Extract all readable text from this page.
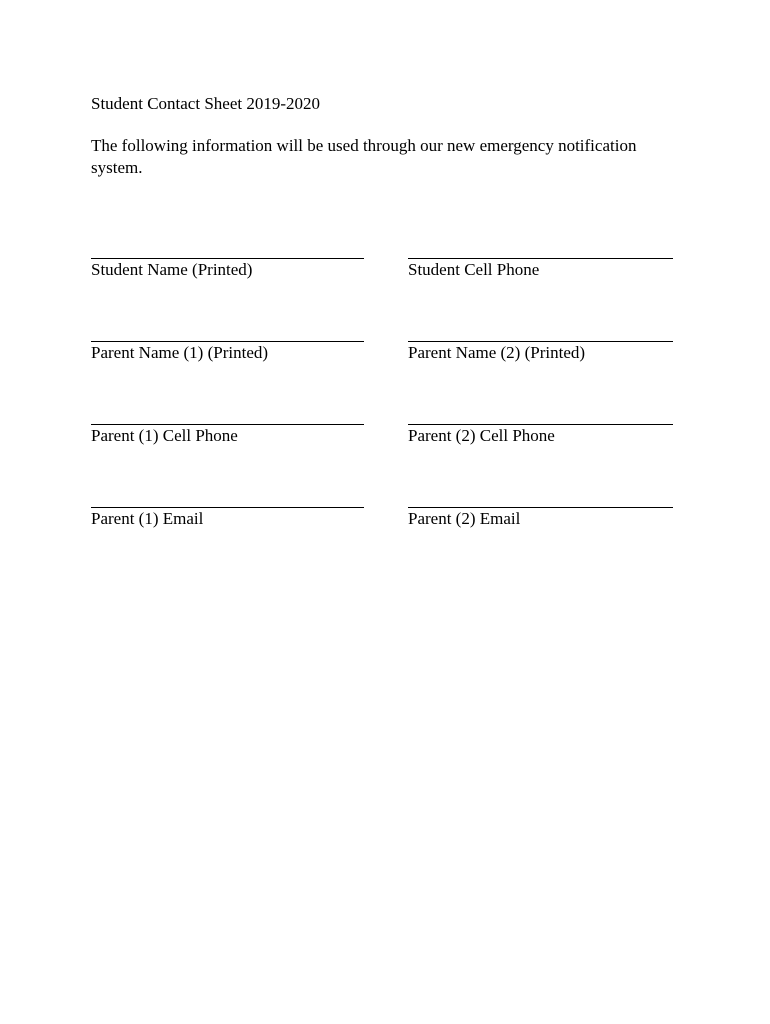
Student Contact Sheet 2019-2020
The following information will be used through our new emergency notification system.
Student Name (Printed)	Student Cell Phone
Parent Name (1) (Printed)	Parent Name (2) (Printed)
Parent (1) Cell Phone	Parent (2) Cell Phone
Parent (1) Email	Parent (2) Email
